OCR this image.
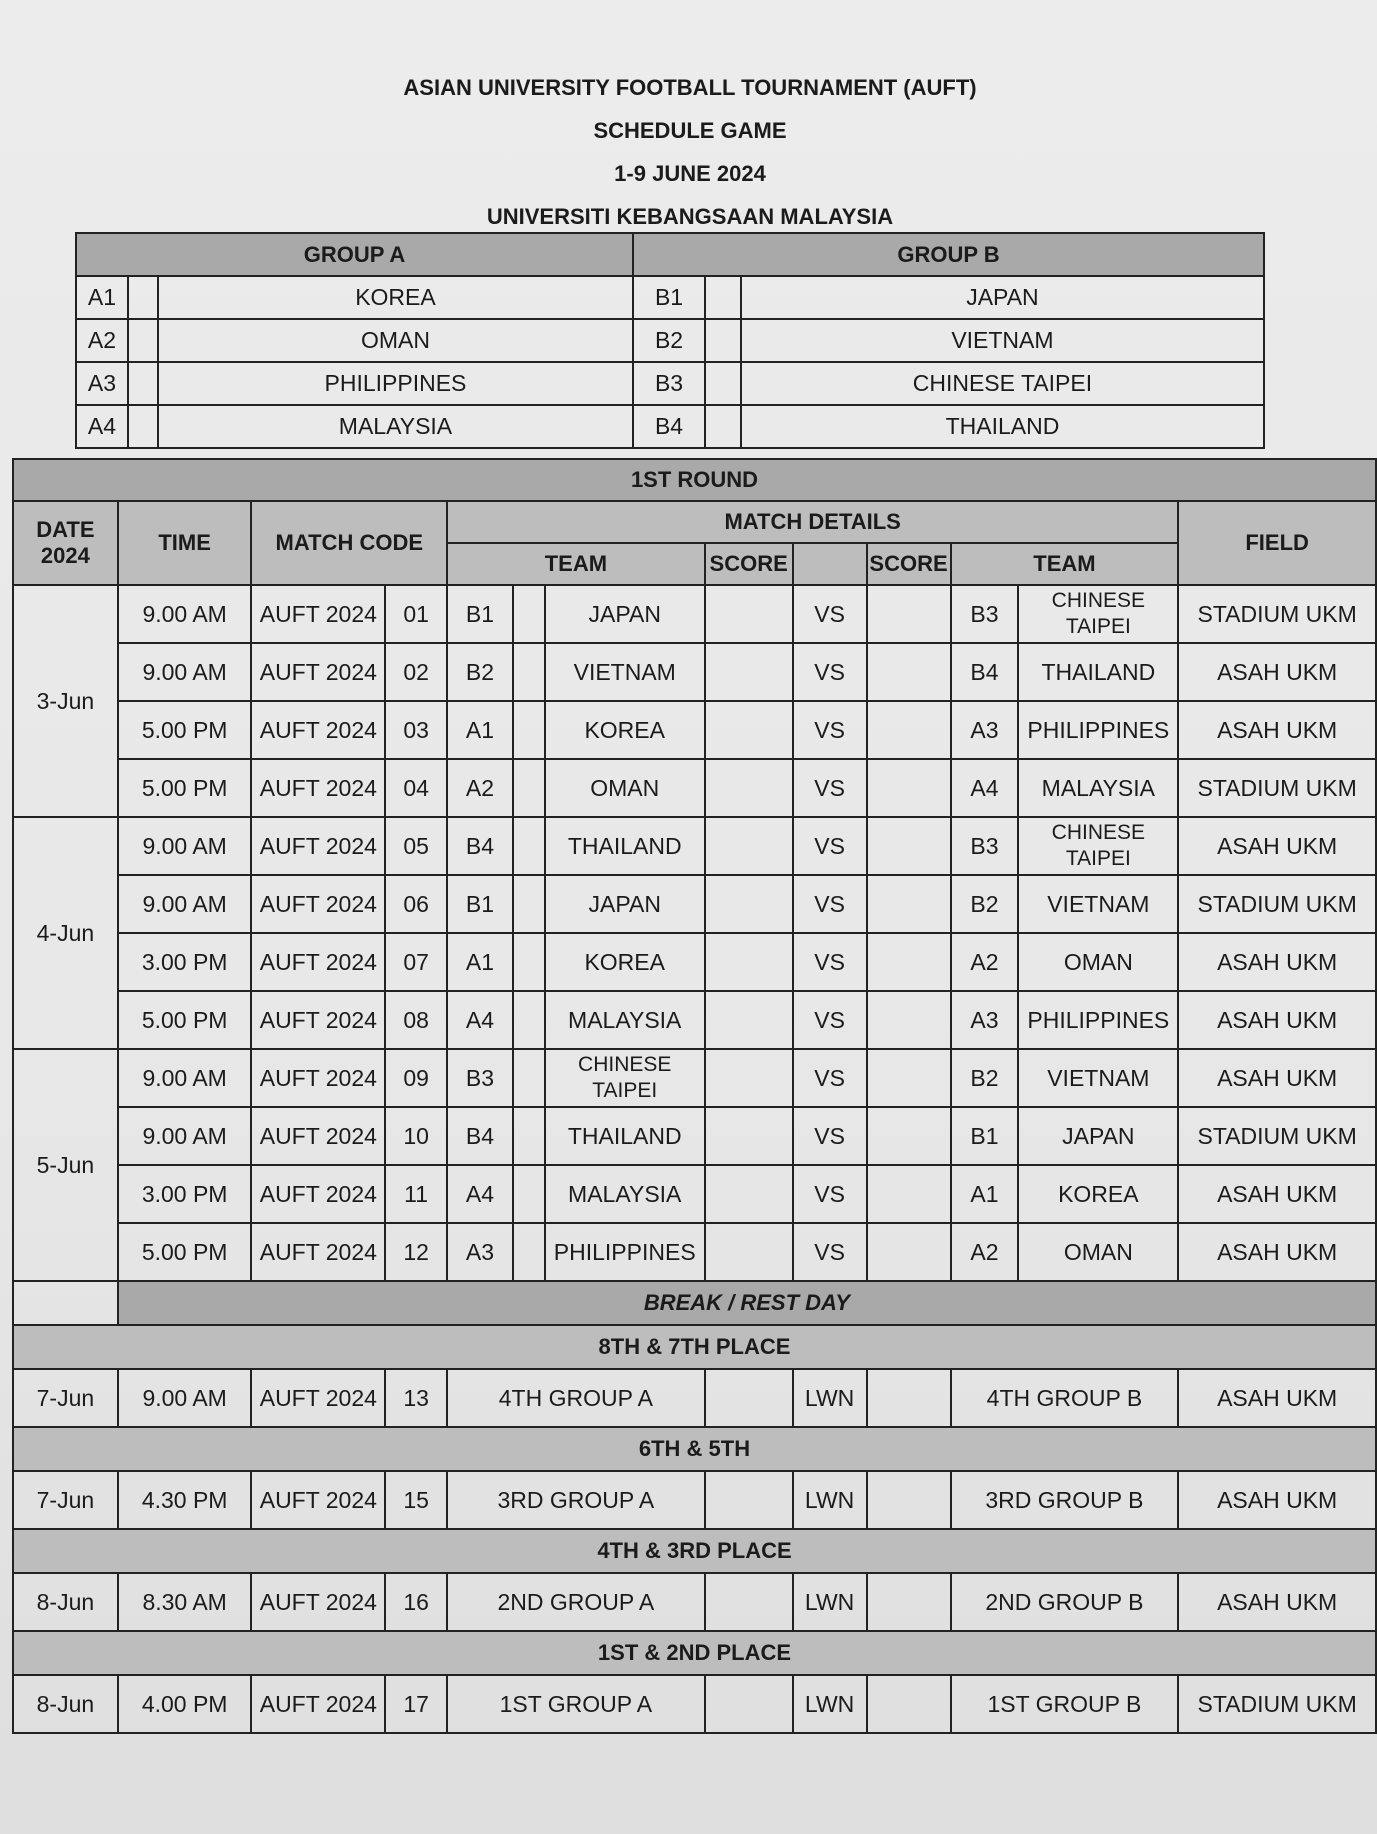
ASIAN UNIVERSITY FOOTBALL TOURNAMENT (AUFT)
SCHEDULE GAME
1-9 JUNE 2024
UNIVERSITI KEBANGSAAN MALAYSIA
GROUP A			GROUP B		
A1		KOREA	B1		JAPAN
A2		OMAN	B2		VIETNAM
A3		PHILIPPINES	B3		CHINESE TAIPEI
A4		MALAYSIA	B4		THAILAND
1ST ROUND												
DATE 2024	TIME	MATCH CODE		MATCH DETAILS								FIELD
				TEAM			SCORE		SCORE	TEAM		
3-Jun	9.00 AM	AUFT 2024	01	B1		JAPAN		VS		B3	CHINESE TAIPEI	STADIUM UKM
	9.00 AM	AUFT 2024	02	B2		VIETNAM		VS		B4	THAILAND	ASAH UKM
	5.00 PM	AUFT 2024	03	A1		KOREA		VS		A3	PHILIPPINES	ASAH UKM
	5.00 PM	AUFT 2024	04	A2		OMAN		VS		A4	MALAYSIA	STADIUM UKM
4-Jun	9.00 AM	AUFT 2024	05	B4		THAILAND		VS		B3	CHINESE TAIPEI	ASAH UKM
	9.00 AM	AUFT 2024	06	B1		JAPAN		VS		B2	VIETNAM	STADIUM UKM
	3.00 PM	AUFT 2024	07	A1		KOREA		VS		A2	OMAN	ASAH UKM
	5.00 PM	AUFT 2024	08	A4		MALAYSIA		VS		A3	PHILIPPINES	ASAH UKM
5-Jun	9.00 AM	AUFT 2024	09	B3		CHINESE TAIPEI		VS		B2	VIETNAM	ASAH UKM
	9.00 AM	AUFT 2024	10	B4		THAILAND		VS		B1	JAPAN	STADIUM UKM
	3.00 PM	AUFT 2024	11	A4		MALAYSIA		VS		A1	KOREA	ASAH UKM
	5.00 PM	AUFT 2024	12	A3		PHILIPPINES		VS		A2	OMAN	ASAH UKM
	BREAK / REST DAY											
8TH & 7TH PLACE												
7-Jun	9.00 AM	AUFT 2024	13	4TH GROUP A				LWN		4TH GROUP B		ASAH UKM
6TH & 5TH												
7-Jun	4.30 PM	AUFT 2024	15	3RD GROUP A				LWN		3RD GROUP B		ASAH UKM
4TH & 3RD PLACE												
8-Jun	8.30 AM	AUFT 2024	16	2ND GROUP A				LWN		2ND GROUP B		ASAH UKM
1ST & 2ND PLACE												
8-Jun	4.00 PM	AUFT 2024	17	1ST GROUP A				LWN		1ST GROUP B		STADIUM UKM
